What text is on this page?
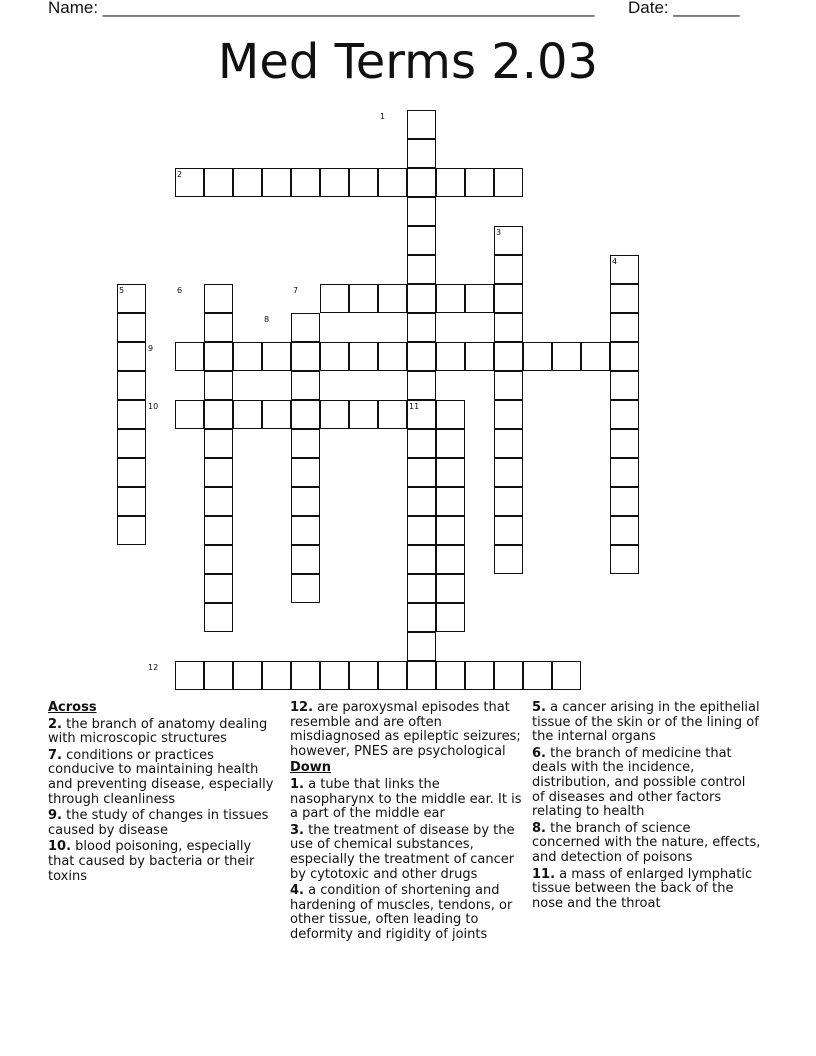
Name: ____________________________________________________ Date: _______
Med Terms 2.03
1
2
3
4
5	6	7
8
9
10	11
12
Across
2. the branch of anatomy dealing with microscopic structures
7. conditions or practices conducive to maintaining health and preventing disease, especially through cleanliness
9. the study of changes in tissues caused by disease
10. blood poisoning, especially that caused by bacteria or their toxins
12. are paroxysmal episodes that resemble and are often misdiagnosed as epileptic seizures; however, PNES are psychological
Down
1. a tube that links the nasopharynx to the middle ear. It is a part of the middle ear
3. the treatment of disease by the use of chemical substances, especially the treatment of cancer by cytotoxic and other drugs
4. a condition of shortening and hardening of muscles, tendons, or other tissue, often leading to deformity and rigidity of joints
5. a cancer arising in the epithelial tissue of the skin or of the lining of the internal organs
6. the branch of medicine that deals with the incidence, distribution, and possible control of diseases and other factors relating to health
8. the branch of science concerned with the nature, effects, and detection of poisons
11. a mass of enlarged lymphatic tissue between the back of the nose and the throat
